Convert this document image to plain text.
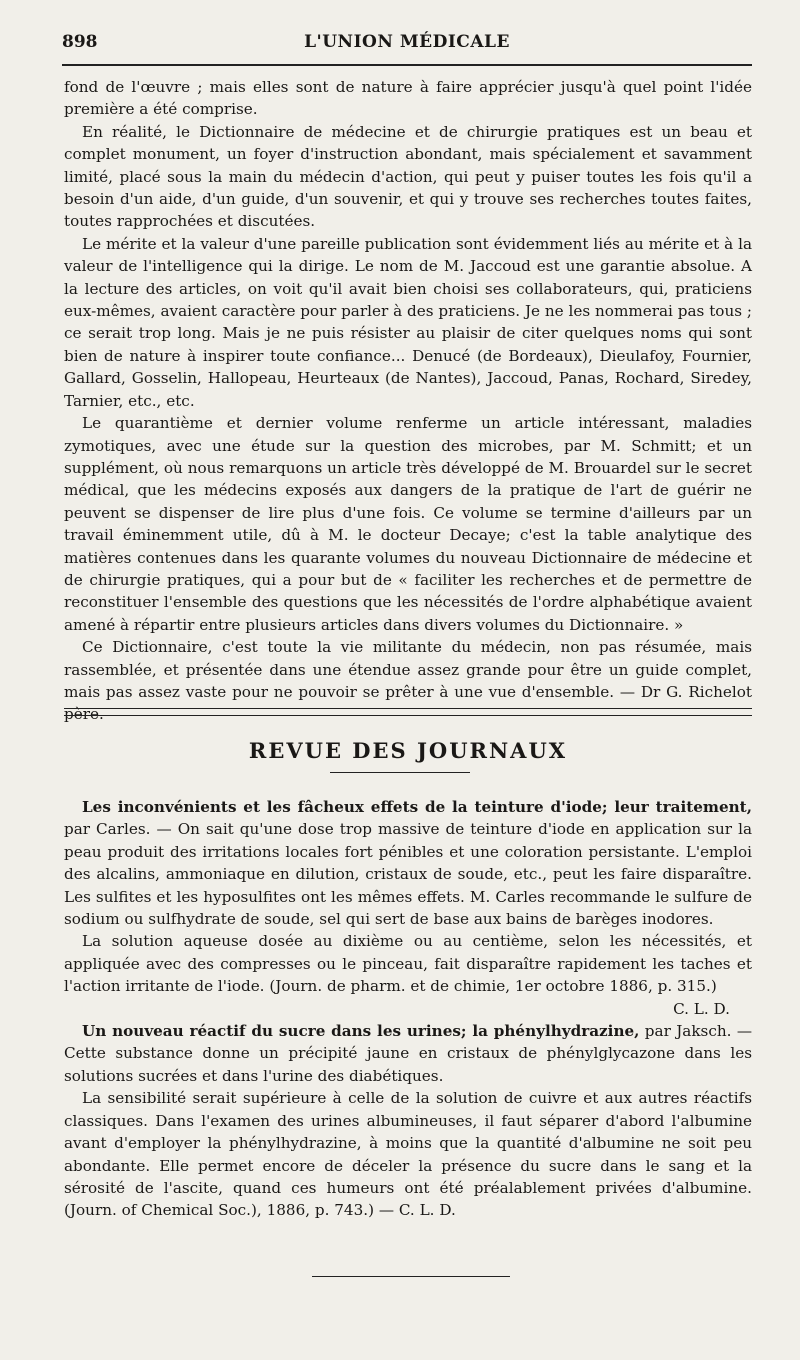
898	L'UNION MÉDICALE

fond de l'œuvre ; mais elles sont de nature à faire apprécier jusqu'à quel point l'idée première a été comprise.

En réalité, le Dictionnaire de médecine et de chirurgie pratiques est un beau et complet monument, un foyer d'instruction abondant, mais spécialement et savamment limité, placé sous la main du médecin d'action, qui peut y puiser toutes les fois qu'il a besoin d'un aide, d'un guide, d'un souvenir, et qui y trouve ses recherches toutes faites, toutes rapprochées et discutées.

Le mérite et la valeur d'une pareille publication sont évidemment liés au mérite et à la valeur de l'intelligence qui la dirige. Le nom de M. Jaccoud est une garantie absolue. A la lecture des articles, on voit qu'il avait bien choisi ses collaborateurs, qui, praticiens eux-mêmes, avaient caractère pour parler à des praticiens. Je ne les nommerai pas tous ; ce serait trop long. Mais je ne puis résister au plaisir de citer quelques noms qui sont bien de nature à inspirer toute confiance... Denucé (de Bordeaux), Dieulafoy, Fournier, Gallard, Gosselin, Hallopeau, Heurteaux (de Nantes), Jaccoud, Panas, Rochard, Siredey, Tarnier, etc., etc.

Le quarantième et dernier volume renferme un article intéressant, maladies zymotiques, avec une étude sur la question des microbes, par M. Schmitt; et un supplément, où nous remarquons un article très développé de M. Brouardel sur le secret médical, que les médecins exposés aux dangers de la pratique de l'art de guérir ne peuvent se dispenser de lire plus d'une fois. Ce volume se termine d'ailleurs par un travail éminemment utile, dû à M. le docteur Decaye; c'est la table analytique des matières contenues dans les quarante volumes du nouveau Dictionnaire de médecine et de chirurgie pratiques, qui a pour but de « faciliter les recherches et de permettre de reconstituer l'ensemble des questions que les nécessités de l'ordre alphabétique avaient amené à répartir entre plusieurs articles dans divers volumes du Dictionnaire. »

Ce Dictionnaire, c'est toute la vie militante du médecin, non pas résumée, mais rassemblée, et présentée dans une étendue assez grande pour être un guide complet, mais pas assez vaste pour ne pouvoir se prêter à une vue d'ensemble. — Dr G. Richelot père.

REVUE DES JOURNAUX

Les inconvénients et les fâcheux effets de la teinture d'iode; leur traitement, par Carles. — On sait qu'une dose trop massive de teinture d'iode en application sur la peau produit des irritations locales fort pénibles et une coloration persistante. L'emploi des alcalins, ammoniaque en dilution, cristaux de soude, etc., peut les faire disparaître. Les sulfites et les hyposulfites ont les mêmes effets. M. Carles recommande le sulfure de sodium ou sulfhydrate de soude, sel qui sert de base aux bains de barèges inodores.

La solution aqueuse dosée au dixième ou au centième, selon les nécessités, et appliquée avec des compresses ou le pinceau, fait disparaître rapidement les taches et l'action irritante de l'iode. (Journ. de pharm. et de chimie, 1er octobre 1886, p. 315.)

C. L. D.

Un nouveau réactif du sucre dans les urines; la phénylhydrazine, par Jaksch. — Cette substance donne un précipité jaune en cristaux de phénylglycazone dans les solutions sucrées et dans l'urine des diabétiques.

La sensibilité serait supérieure à celle de la solution de cuivre et aux autres réactifs classiques. Dans l'examen des urines albumineuses, il faut séparer d'abord l'albumine avant d'employer la phénylhydrazine, à moins que la quantité d'albumine ne soit peu abondante. Elle permet encore de déceler la présence du sucre dans le sang et la sérosité de l'ascite, quand ces humeurs ont été préalablement privées d'albumine. (Journ. of Chemical Soc.), 1886, p. 743.) — C. L. D.
